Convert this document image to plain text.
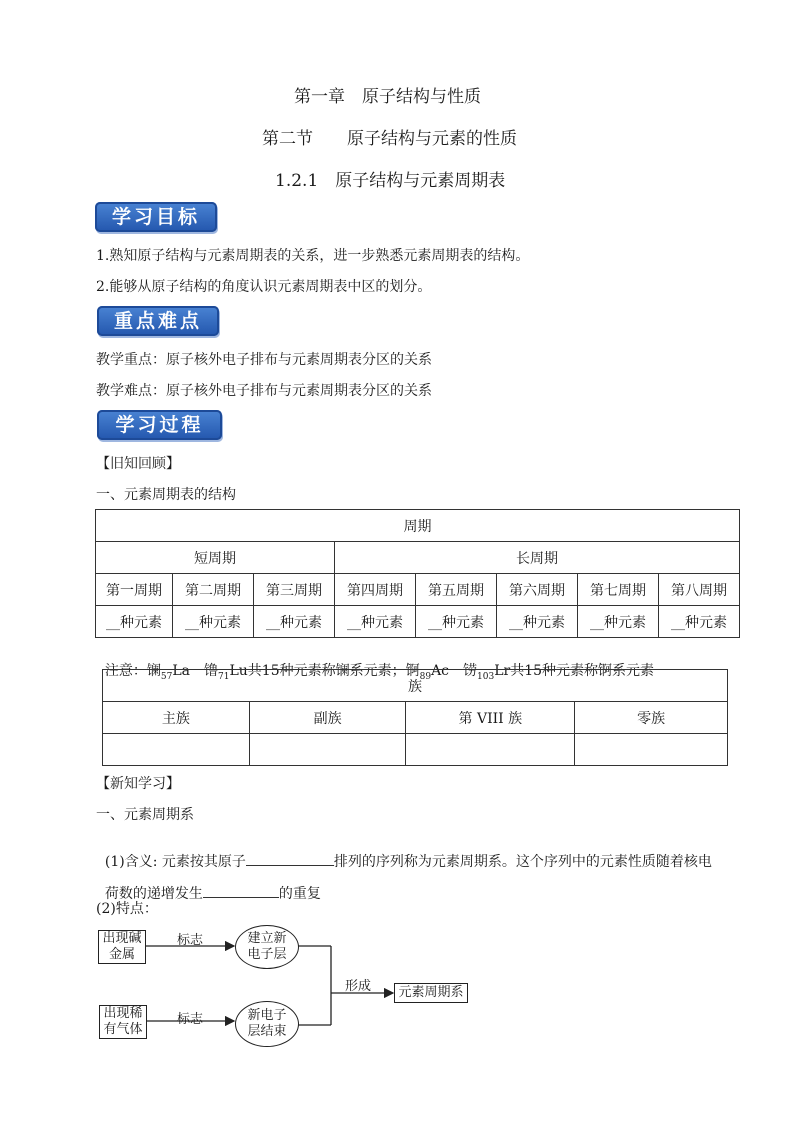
第一章　原子结构与性质
第二节　　原子结构与元素的性质
1.2.1　原子结构与元素周期表
学习目标
1.熟知原子结构与元素周期表的关系，进一步熟悉元素周期表的结构。
2.能够从原子结构的角度认识元素周期表中区的划分。
重点难点
教学重点：原子核外电子排布与元素周期表分区的关系
教学难点：原子核外电子排布与元素周期表分区的关系
学习过程
【旧知回顾】
一、元素周期表的结构
周期							
短周期			长周期				
第一周期	第二周期	第三周期	第四周期	第五周期	第六周期	第七周期	第八周期
__种元素	__种元素	__种元素	__种元素	__种元素	__种元素	__种元素	__种元素

注意：镧$_{57}$La－镥$_{71}$Lu共15种元素称镧系元素；锕$_{89}$Ac－铹$_{103}$Lr共15种元素称锕系元素

族			
主族	副族	第 VIII 族	零族

【新知学习】
一、元素周期系

(1)含义: 元素按其原子	排列的序列称为元素周期系。这个序列中的元素性质随着核电

荷数的递增发生	的重复

(2)特点：
出现碱
金属
出现稀
有气体
建立新
电子层
新电子
层结束
标志
标志
形成	元素周期系
